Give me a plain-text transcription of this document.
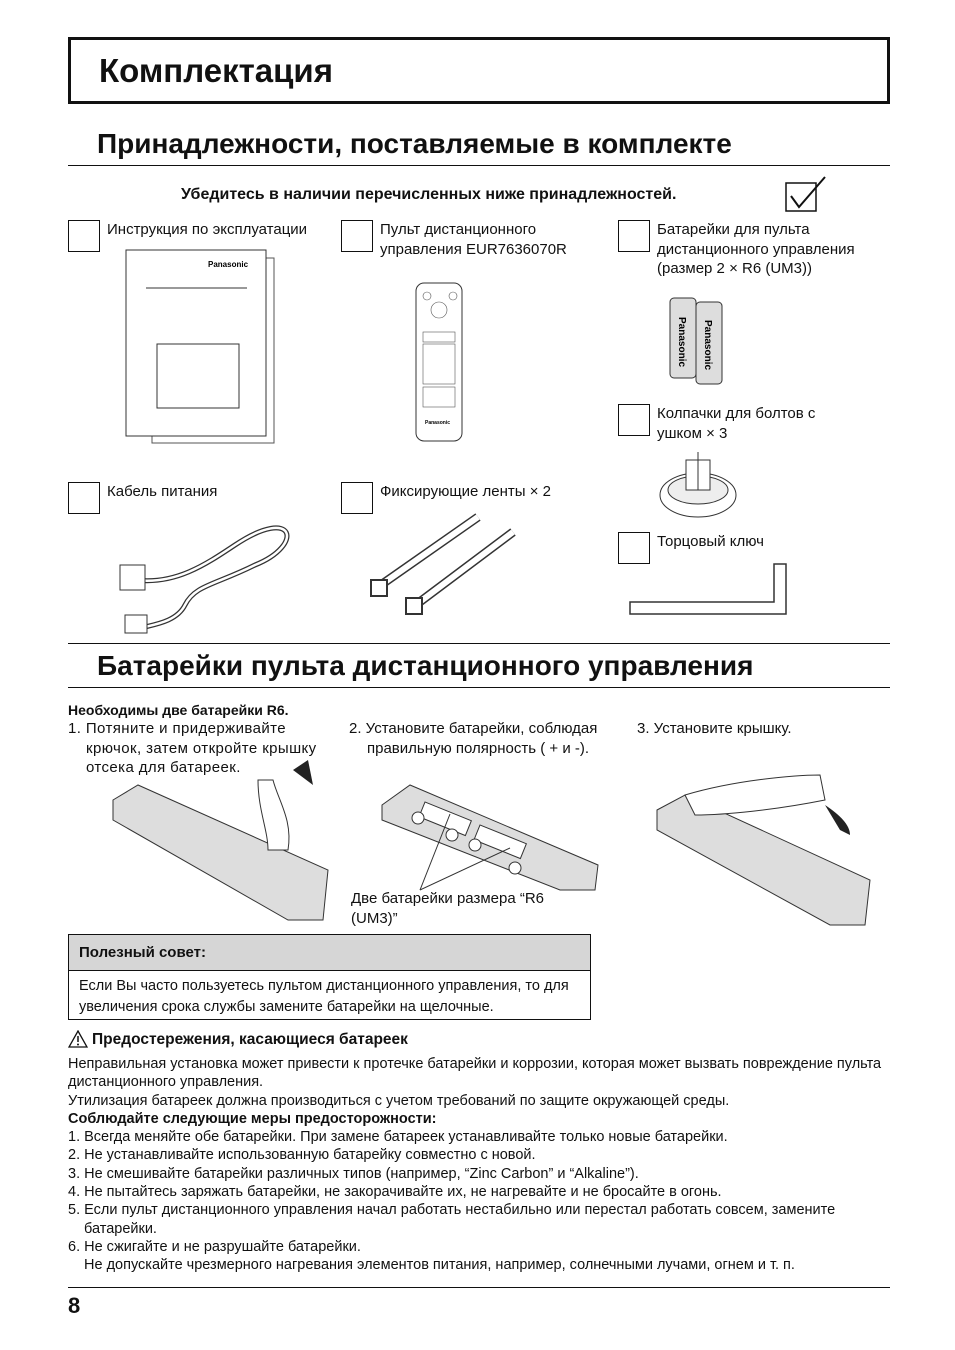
Комплектация
Принадлежности, поставляемые в комплекте
Убедитесь в наличии перечисленных ниже принадлежностей.
Инструкция по эксплуатации
Panasonic
Пульт дистанционного управления EUR7636070R
Panasonic
Батарейки для пульта дистанционного управления (размер 2 × R6 (UM3))
Panasonic Panasonic
Колпачки для болтов с ушком × 3
Кабель питания	Фиксирующие ленты × 2
Торцовый ключ
Батарейки пульта дистанционного управления
Необходимы две батарейки R6.
1. Потяните и придерживайте крючок, затем откройте крышку отсека для батареек.
2. Установите батарейки, соблюдая правильную полярность ( + и -).
3. Установите крышку.
Две батарейки размера “R6 (UM3)”
Полезный совет:
Если Вы часто пользуетесь пультом дистанционного управления, то для увеличения срока службы замените батарейки на щелочные.
Предостережения, касающиеся батареек

Неправильная установка может привести к протечке батарейки и коррозии, которая может вызвать повреждение пульта дистанционного управления.

Утилизация батареек должна производиться с учетом требований по защите окружающей среды.

Соблюдайте следующие меры предосторожности:

1. Всегда меняйте обе батарейки. При замене батареек устанавливайте только новые батарейки.

2. Не устанавливайте использованную батарейку совместно с новой.

3. Не смешивайте батарейки различных типов (например, “Zinc Carbon” и “Alkaline”).

4. Не пытайтесь заряжать батарейки, не закорачивайте их, не нагревайте и не бросайте в огонь.

5. Если пульт дистанционного управления начал работать нестабильно или перестал работать совсем, замените батарейки.

6. Не сжигайте и не разрушайте батарейки.

Не допускайте чрезмерного нагревания элементов питания, например, солнечными лучами, огнем и т. п.

8
